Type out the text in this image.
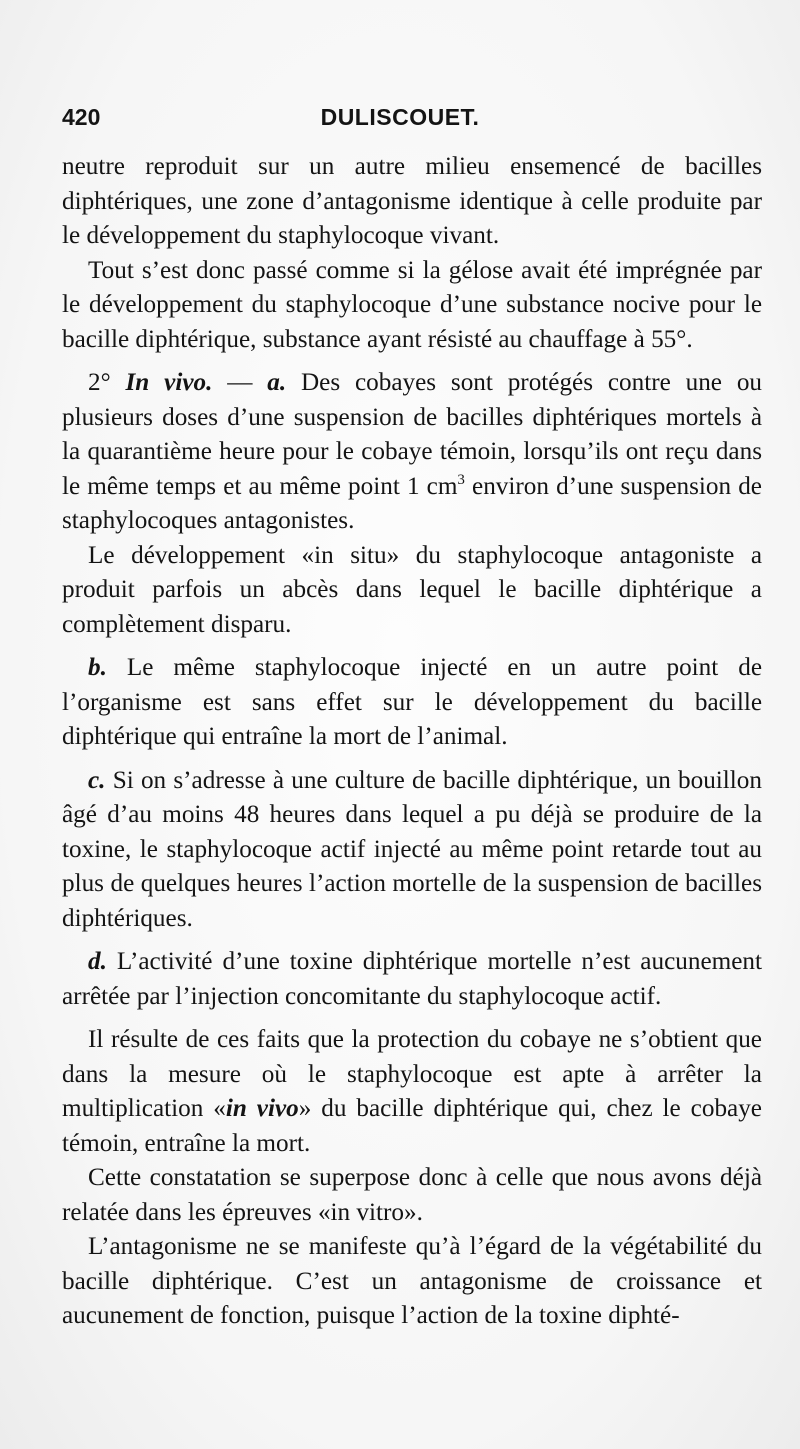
420	DULISCOUET.

neutre reproduit sur un autre milieu ensemencé de bacilles diphtériques, une zone d’antagonisme identique à celle produite par le développement du staphylocoque vivant.

Tout s’est donc passé comme si la gélose avait été imprégnée par le développement du staphylocoque d’une substance nocive pour le bacille diphtérique, substance ayant résisté au chauffage à 55°.

2° In vivo. — a. Des cobayes sont protégés contre une ou plusieurs doses d’une suspension de bacilles diphtériques mortels à la quarantième heure pour le cobaye témoin, lorsqu’ils ont reçu dans le même temps et au même point 1 $cm^3$ environ d’une suspension de staphylocoques antagonistes.

Le développement «in situ» du staphylocoque antagoniste a produit parfois un abcès dans lequel le bacille diphtérique a complètement disparu.

b. Le même staphylocoque injecté en un autre point de l’organisme est sans effet sur le développement du bacille diphtérique qui entraîne la mort de l’animal.

c. Si on s’adresse à une culture de bacille diphtérique, un bouillon âgé d’au moins 48 heures dans lequel a pu déjà se produire de la toxine, le staphylocoque actif injecté au même point retarde tout au plus de quelques heures l’action mortelle de la suspension de bacilles diphtériques.

d. L’activité d’une toxine diphtérique mortelle n’est aucunement arrêtée par l’injection concomitante du staphylocoque actif.

Il résulte de ces faits que la protection du cobaye ne s’obtient que dans la mesure où le staphylocoque est apte à arrêter la multiplication «in vivo» du bacille diphtérique qui, chez le cobaye témoin, entraîne la mort.

Cette constatation se superpose donc à celle que nous avons déjà relatée dans les épreuves «in vitro».

L’antagonisme ne se manifeste qu’à l’égard de la végétabilité du bacille diphtérique. C’est un antagonisme de croissance et aucunement de fonction, puisque l’action de la toxine diphté-
